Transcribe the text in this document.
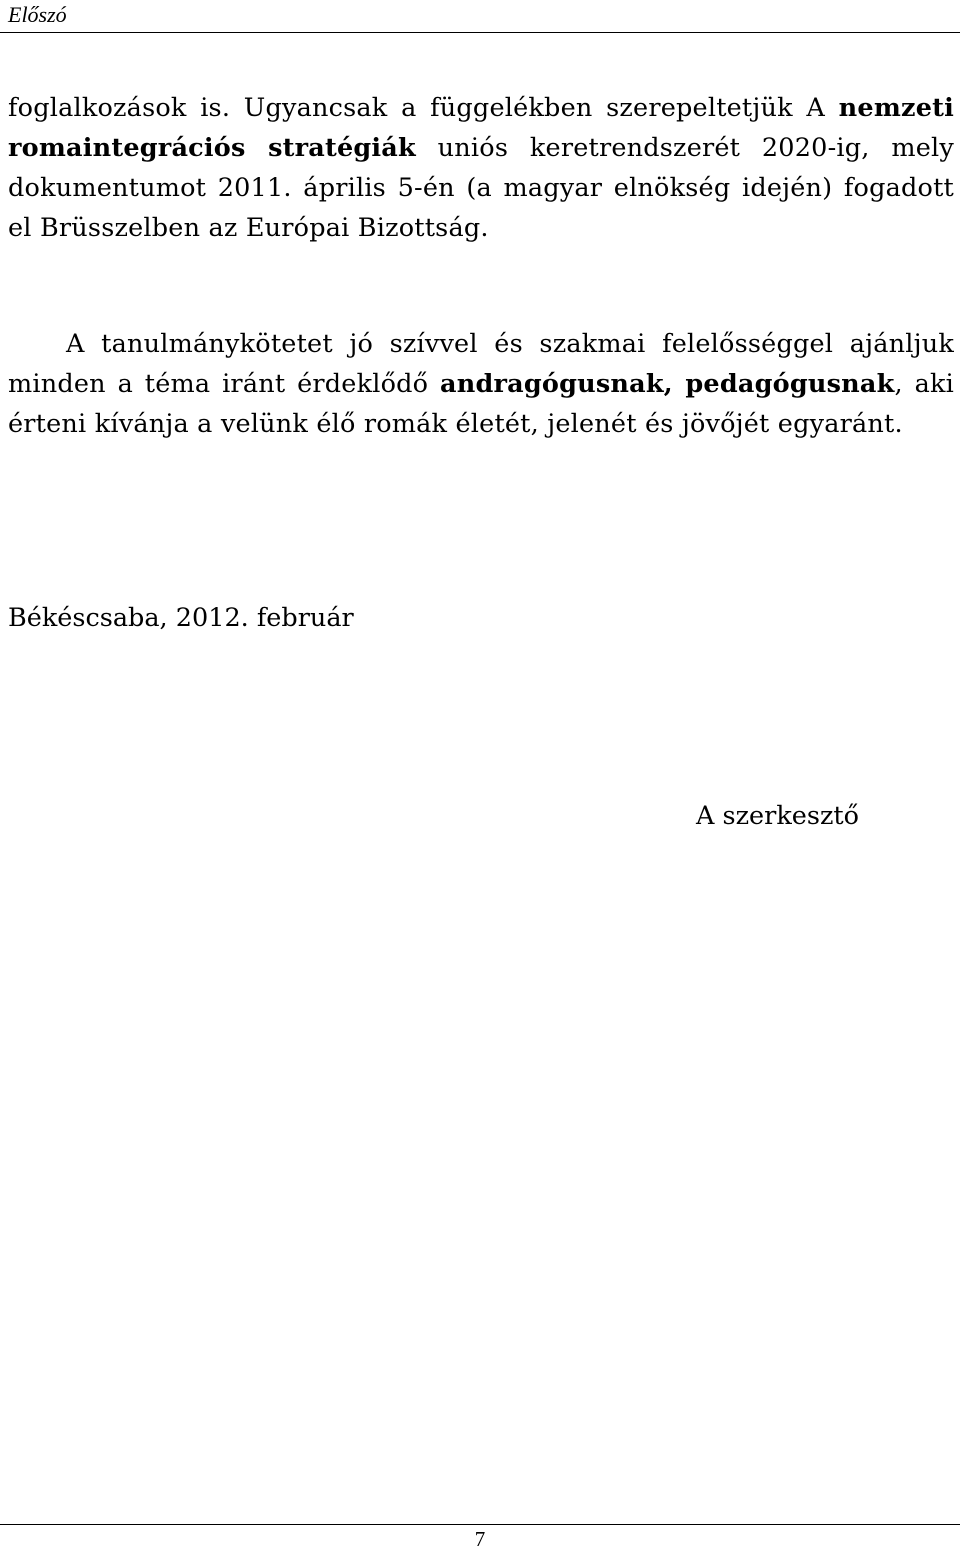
Előszó

foglalkozások is. Ugyancsak a függelékben szerepeltetjük A nemzeti romaintegrációs stratégiák uniós keretrendszerét 2020-ig, mely dokumentumot 2011. április 5-én (a magyar elnökség idején) fogadott el Brüsszelben az Európai Bizottság.

A tanulmánykötetet jó szívvel és szakmai felelősséggel ajánljuk minden a téma iránt érdeklődő andragógusnak, pedagógusnak, aki érteni kívánja a velünk élő romák életét, jelenét és jövőjét egyaránt.

Békéscsaba, 2012. február
A szerkesztő
7
